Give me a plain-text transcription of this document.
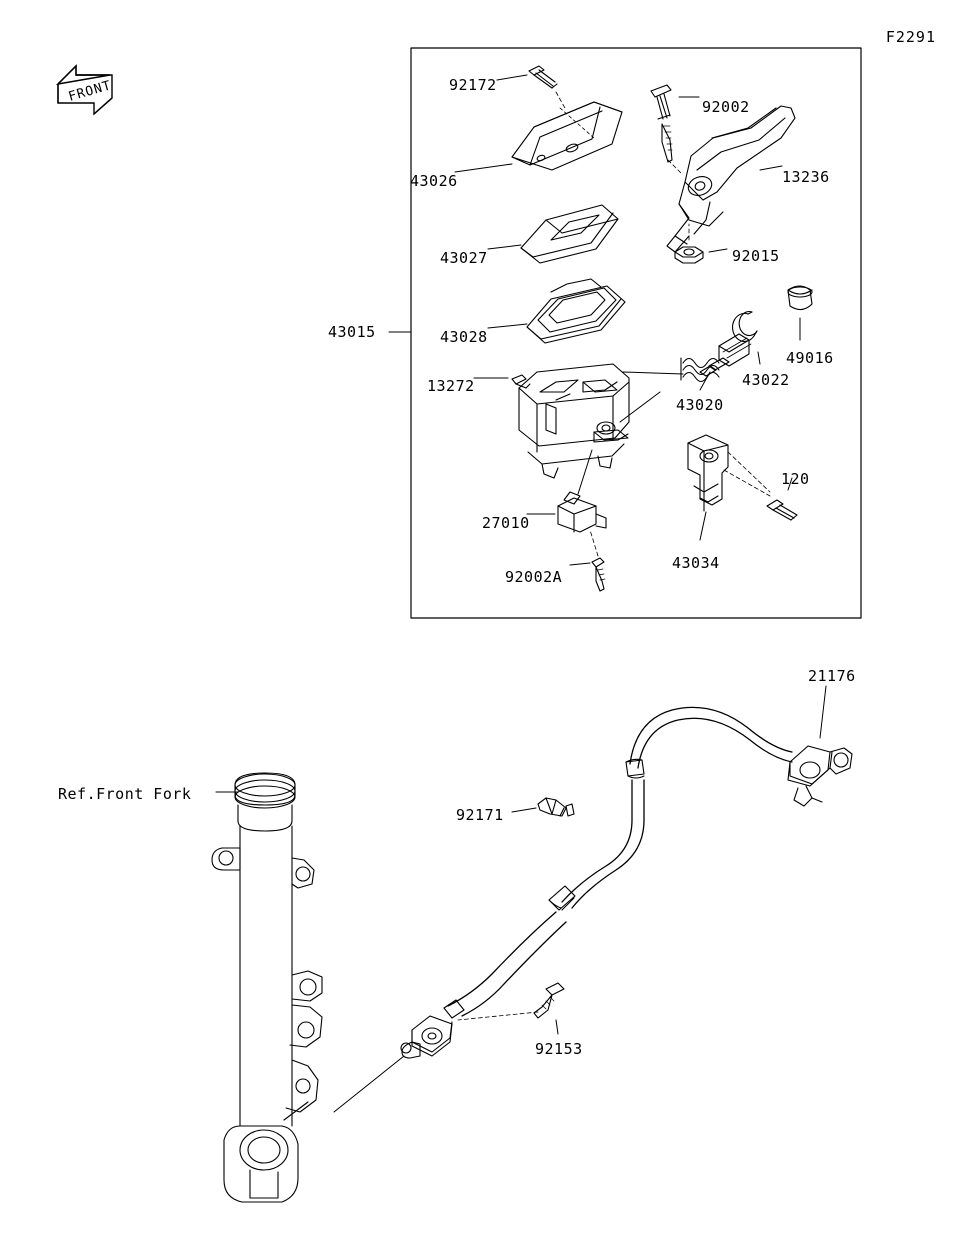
F2291
FRONT
43015
92172
92002
43026	13236
43027	92015
43028
49016
43022
43020
13272
120
27010
43034
92002A
21176
92171
92153
Ref.Front Fork
